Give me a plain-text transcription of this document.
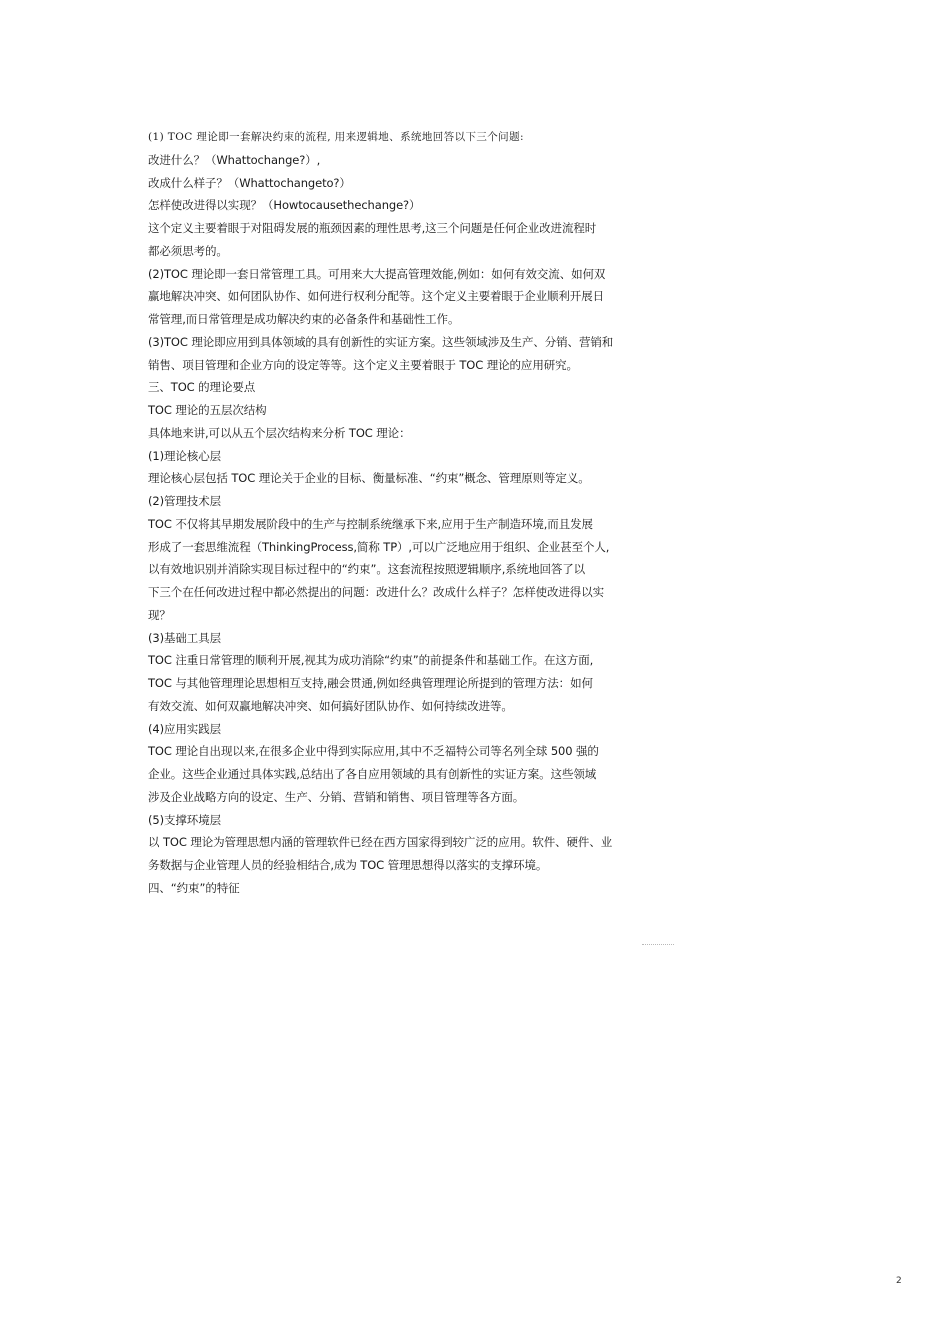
(1) TOC 理论即一套解决约束的流程, 用来逻辑地、系统地回答以下三个问题:
改进什么？（Whattochange?）,
改成什么样子？（Whattochangeto?）
怎样使改进得以实现？（Howtocausethechange?）
这个定义主要着眼于对阻碍发展的瓶颈因素的理性思考,这三个问题是任何企业改进流程时
都必须思考的。
(2)TOC 理论即一套日常管理工具。可用来大大提高管理效能,例如：如何有效交流、如何双
赢地解决冲突、如何团队协作、如何进行权利分配等。这个定义主要着眼于企业顺利开展日
常管理,而日常管理是成功解决约束的必备条件和基础性工作。
(3)TOC 理论即应用到具体领域的具有创新性的实证方案。这些领域涉及生产、分销、营销和
销售、项目管理和企业方向的设定等等。这个定义主要着眼于 TOC 理论的应用研究。
三、TOC 的理论要点
TOC 理论的五层次结构
具体地来讲,可以从五个层次结构来分析 TOC 理论：
(1)理论核心层
理论核心层包括 TOC 理论关于企业的目标、衡量标准、“约束”概念、管理原则等定义。
(2)管理技术层
TOC 不仅将其早期发展阶段中的生产与控制系统继承下来,应用于生产制造环境,而且发展
形成了一套思维流程（ThinkingProcess,简称 TP）,可以广泛地应用于组织、企业甚至个人,
以有效地识别并消除实现目标过程中的“约束”。这套流程按照逻辑顺序,系统地回答了以
下三个在任何改进过程中都必然提出的问题：改进什么？改成什么样子？怎样使改进得以实
现？
(3)基础工具层
TOC 注重日常管理的顺利开展,视其为成功消除“约束”的前提条件和基础工作。在这方面,
TOC 与其他管理理论思想相互支持,融会贯通,例如经典管理理论所提到的管理方法：如何
有效交流、如何双赢地解决冲突、如何搞好团队协作、如何持续改进等。
(4)应用实践层
TOC 理论自出现以来,在很多企业中得到实际应用,其中不乏福特公司等名列全球 500 强的
企业。这些企业通过具体实践,总结出了各自应用领域的具有创新性的实证方案。这些领域
涉及企业战略方向的设定、生产、分销、营销和销售、项目管理等各方面。
(5)支撑环境层
以 TOC 理论为管理思想内涵的管理软件已经在西方国家得到较广泛的应用。软件、硬件、业
务数据与企业管理人员的经验相结合,成为 TOC 管理思想得以落实的支撑环境。
四、“约束”的特征
2
